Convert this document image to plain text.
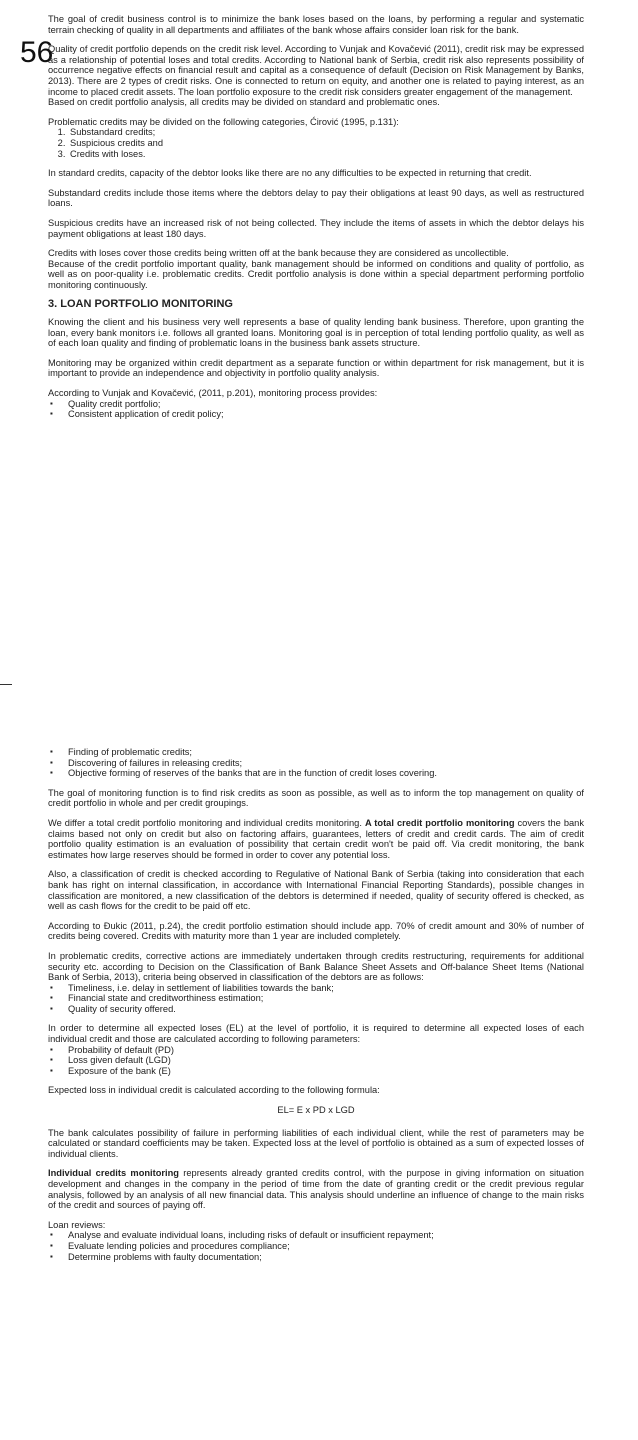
56

The goal of credit business control is to minimize the bank loses based on the loans, by performing a regular and systematic terrain checking of quality in all departments and affiliates of the bank whose affairs consider loan risk for the bank.

Quality of credit portfolio depends on the credit risk level. According to Vunjak and Kovačević (2011), credit risk may be expressed as a relationship of potential loses and total credits. According to National bank of Serbia, credit risk also represents possibility of occurrence negative effects on financial result and capital as a consequence of default (Decision on Risk Management by Banks, 2013). There are 2 types of credit risks. One is connected to return on equity, and another one is related to paying interest, as an income to placed credit assets. The loan portfolio exposure to the credit risk considers greater engagement of the management.

Based on credit portfolio analysis, all credits may be divided on standard and problematic ones.

Problematic credits may be divided on the following categories, Ćirović (1995, p.131):

1. Substandard credits;
2. Suspicious credits and
3. Credits with loses.

In standard credits, capacity of the debtor looks like there are no any difficulties to be expected in returning that credit.

Substandard credits include those items where the debtors delay to pay their obligations at least 90 days, as well as restructured loans.

Suspicious credits have an increased risk of not being collected. They include the items of assets in which the debtor delays his payment obligations at least 180 days.

Credits with loses cover those credits being written off at the bank because they are considered as uncollectible.

Because of the credit portfolio important quality, bank management should be informed on conditions and quality of portfolio, as well as on poor-quality i.e. problematic credits. Credit portfolio analysis is done within a special department performing portfolio monitoring continuously.

3. LOAN PORTFOLIO MONITORING

Knowing the client and his business very well represents a base of quality lending bank business. Therefore, upon granting the loan, every bank monitors i.e. follows all granted loans. Monitoring goal is in perception of total lending portfolio quality, as well as of each loan quality and finding of problematic loans in the business bank assets structure.

Monitoring may be organized within credit department as a separate function or within department for risk management, but it is important to provide an independence and objectivity in portfolio quality analysis.

According to Vunjak and Kovačević, (2011, p.201), monitoring process provides:

▪ Quality credit portfolio;
▪ Consistent application of credit policy;
▪ Finding of problematic credits;
▪ Discovering of failures in releasing credits;
▪ Objective forming of reserves of the banks that are in the function of credit loses covering.

The goal of monitoring function is to find risk credits as soon as possible, as well as to inform the top management on quality of credit portfolio in whole and per credit groupings.

We differ a total credit portfolio monitoring and individual credits monitoring. A total credit portfolio monitoring covers the bank claims based not only on credit but also on factoring affairs, guarantees, letters of credit and credit cards. The aim of credit portfolio quality estimation is an evaluation of possibility that certain credit won't be paid off. Via credit monitoring, the bank estimates how large reserves should be formed in order to cover any potential loss.

Also, a classification of credit is checked according to Regulative of National Bank of Serbia (taking into consideration that each bank has right on internal classification, in accordance with International Financial Reporting Standards), possible changes in classification are monitored, a new classification of the debtors is determined if needed, quality of security offered is checked, as well as cash flows for the credit to be paid off etc.

According to Đukic (2011, p.24), the credit portfolio estimation should include app. 70% of credit amount and 30% of number of credits being covered. Credits with maturity more than 1 year are included completely.

In problematic credits, corrective actions are immediately undertaken through credits restructuring, requirements for additional security etc. according to Decision on the Classification of Bank Balance Sheet Assets and Off-balance Sheet Items (National Bank of Serbia, 2013), criteria being observed in classification of the debtors are as follows:

▪ Timeliness, i.e. delay in settlement of liabilities towards the bank;
▪ Financial state and creditworthiness estimation;
▪ Quality of security offered.

In order to determine all expected loses (EL) at the level of portfolio, it is required to determine all expected loses of each individual credit and those are calculated according to following parameters:

▪ Probability of default (PD)
▪ Loss given default (LGD)
▪ Exposure of the bank (E)

Expected loss in individual credit is calculated according to the following formula:

EL= E x PD x LGD

The bank calculates possibility of failure in performing liabilities of each individual client, while the rest of parameters may be calculated or standard coefficients may be taken. Expected loss at the level of portfolio is obtained as a sum of expected losses of individual clients.

Individual credits monitoring represents already granted credits control, with the purpose in giving information on situation development and changes in the company in the period of time from the date of granting credit or the credit previous regular analysis, followed by an analysis of all new financial data. This analysis should underline an influence of change to the main risks of the credit and sources of paying off.

Loan reviews:

▪ Analyse and evaluate individual loans, including risks of default or insufficient repayment;
▪ Evaluate lending policies and procedures compliance;
▪ Determine problems with faulty documentation;
